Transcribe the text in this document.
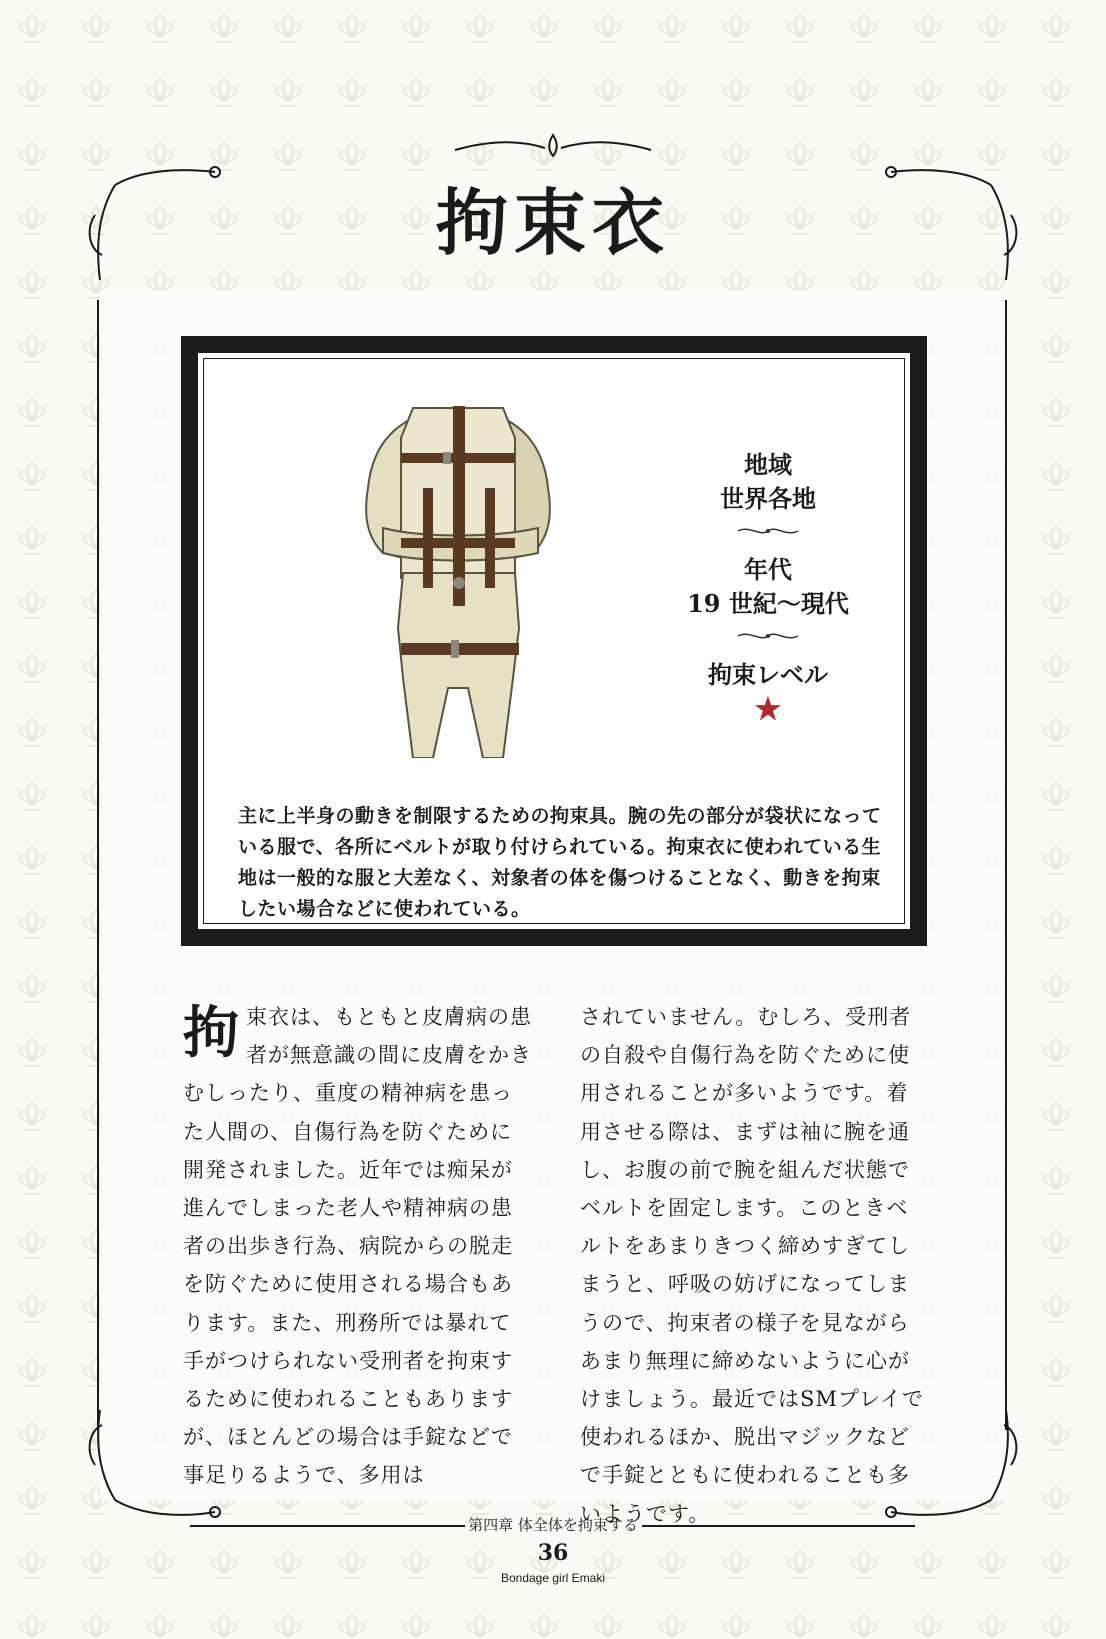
拘束衣
地域
世界各地
年代
19 世紀〜現代
拘束レベル
★
主に上半身の動きを制限するための拘束具。腕の先の部分が袋状になっている服で、各所にベルトが取り付けられている。拘束衣に使われている生地は一般的な服と大差なく、対象者の体を傷つけることなく、動きを拘束したい場合などに使われている。
拘 束衣は、もともと皮膚病の患者が無意識の間に皮膚をかきむしったり、重度の精神病を患った人間の、自傷行為を防ぐために開発されました。近年では痴呆が進んでしまった老人や精神病の患者の出歩き行為、病院からの脱走を防ぐために使用される場合もあります。また、刑務所では暴れて手がつけられない受刑者を拘束するために使われることもありますが、ほとんどの場合は手錠などで事足りるようで、多用は
されていません。むしろ、受刑者の自殺や自傷行為を防ぐために使用されることが多いようです。着用させる際は、まずは袖に腕を通し、お腹の前で腕を組んだ状態でベルトを固定します。このときベルトをあまりきつく締めすぎてしまうと、呼吸の妨げになってしまうので、拘束者の様子を見ながらあまり無理に締めないように心がけましょう。最近ではSMプレイで使われるほか、脱出マジックなどで手錠とともに使われることも多いようです。
第四章 体全体を拘束する
36
Bondage girl Emaki
